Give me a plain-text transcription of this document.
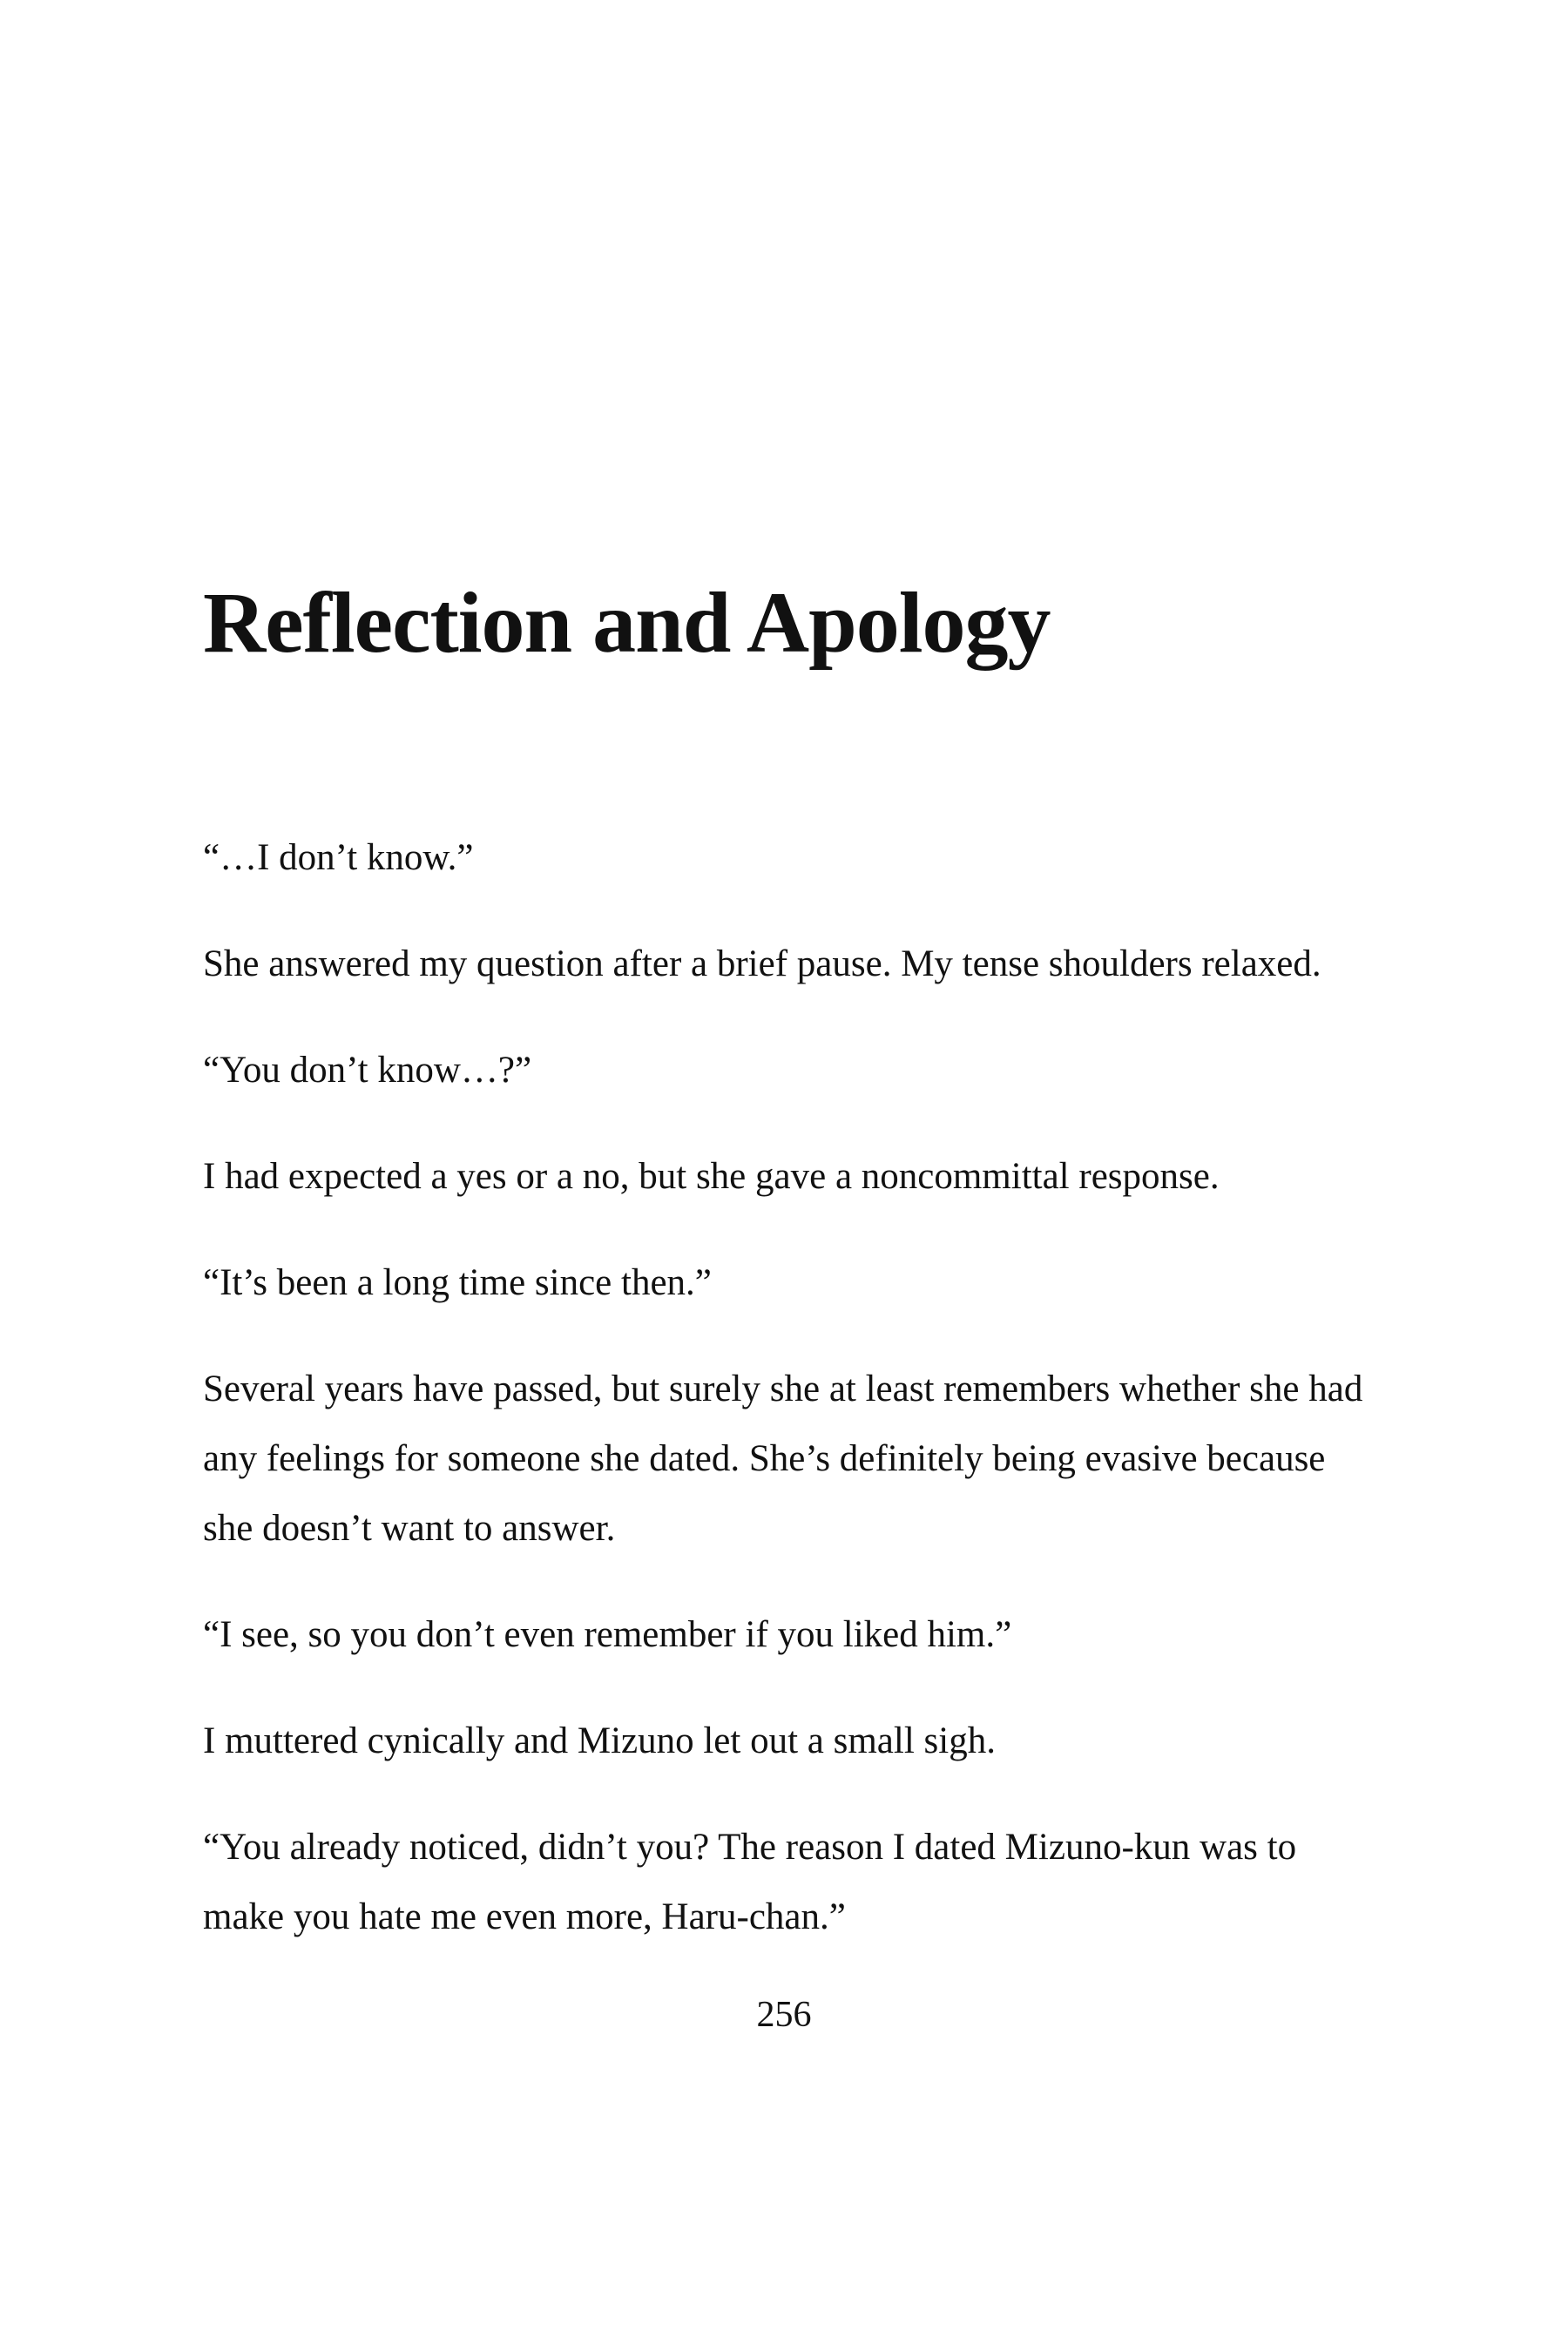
Reflection and Apology

“…I don’t know.”

She answered my question after a brief pause. My tense shoulders relaxed.

“You don’t know…?”

I had expected a yes or a no, but she gave a noncommittal response.

“It’s been a long time since then.”

Several years have passed, but surely she at least remembers whether she had any feelings for someone she dated. She’s definitely being evasive because she doesn’t want to answer.

“I see, so you don’t even remember if you liked him.”

I muttered cynically and Mizuno let out a small sigh.

“You already noticed, didn’t you? The reason I dated Mizuno-kun was to make you hate me even more, Haru-chan.”

256
